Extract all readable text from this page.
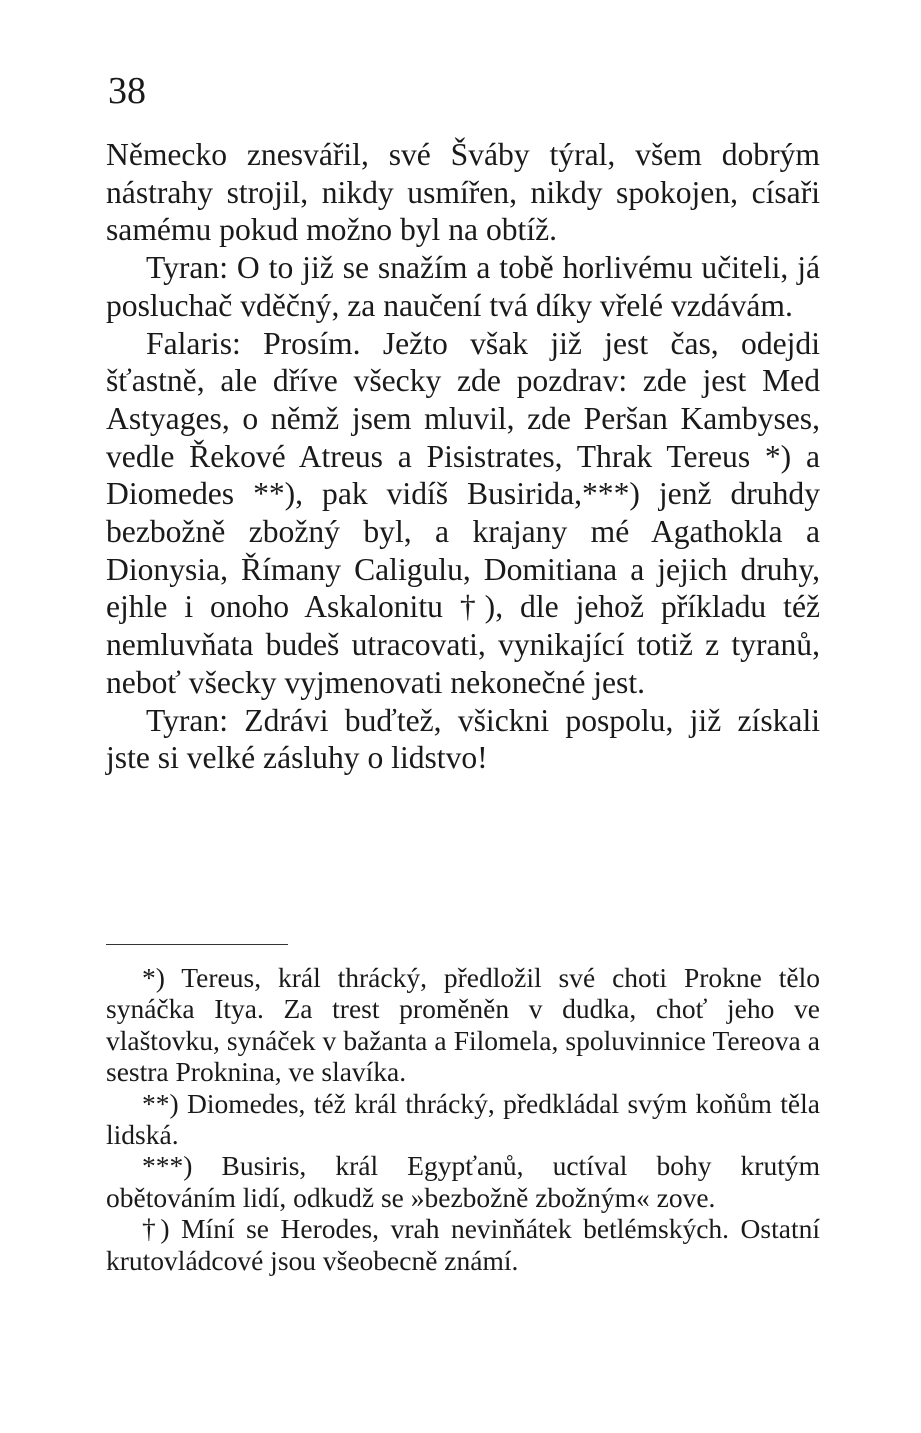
38

Německo znesvářil, své Šváby týral, všem dobrým nástrahy strojil, nikdy usmířen, nikdy spokojen, císaři samému pokud možno byl na obtíž.

Tyran: O to již se snažím a tobě horlivému učiteli, já posluchač vděčný, za naučení tvá díky vřelé vzdávám.

Falaris: Prosím. Ježto však již jest čas, odejdi šťastně, ale dříve všecky zde pozdrav: zde jest Med Astyages, o němž jsem mluvil, zde Peršan Kambyses, vedle Řekové Atreus a Pisistrates, Thrak Tereus *) a Diomedes **), pak vidíš Busirida,***) jenž druhdy bezbožně zbožný byl, a krajany mé Agathokla a Dionysia, Římany Caligulu, Domitiana a jejich druhy, ejhle i onoho Askalonitu †), dle jehož příkladu též nemluvňata budeš utracovati, vynikající totiž z tyranů, neboť všecky vyjmenovati nekonečné jest.

Tyran: Zdrávi buďtež, všickni pospolu, již získali jste si velké zásluhy o lidstvo!

*) Tereus, král thrácký, předložil své choti Prokne tělo synáčka Itya. Za trest proměněn v dudka, choť jeho ve vlaštovku, synáček v bažanta a Filomela, spoluvinnice Tereova a sestra Proknina, ve slavíka.

**) Diomedes, též král thrácký, předkládal svým koňům těla lidská.

***) Busiris, král Egypťanů, uctíval bohy krutým obětováním lidí, odkudž se »bezbožně zbožným« zove.

†) Míní se Herodes, vrah nevinňátek betlémských. Ostatní krutovládcové jsou všeobecně známí.
